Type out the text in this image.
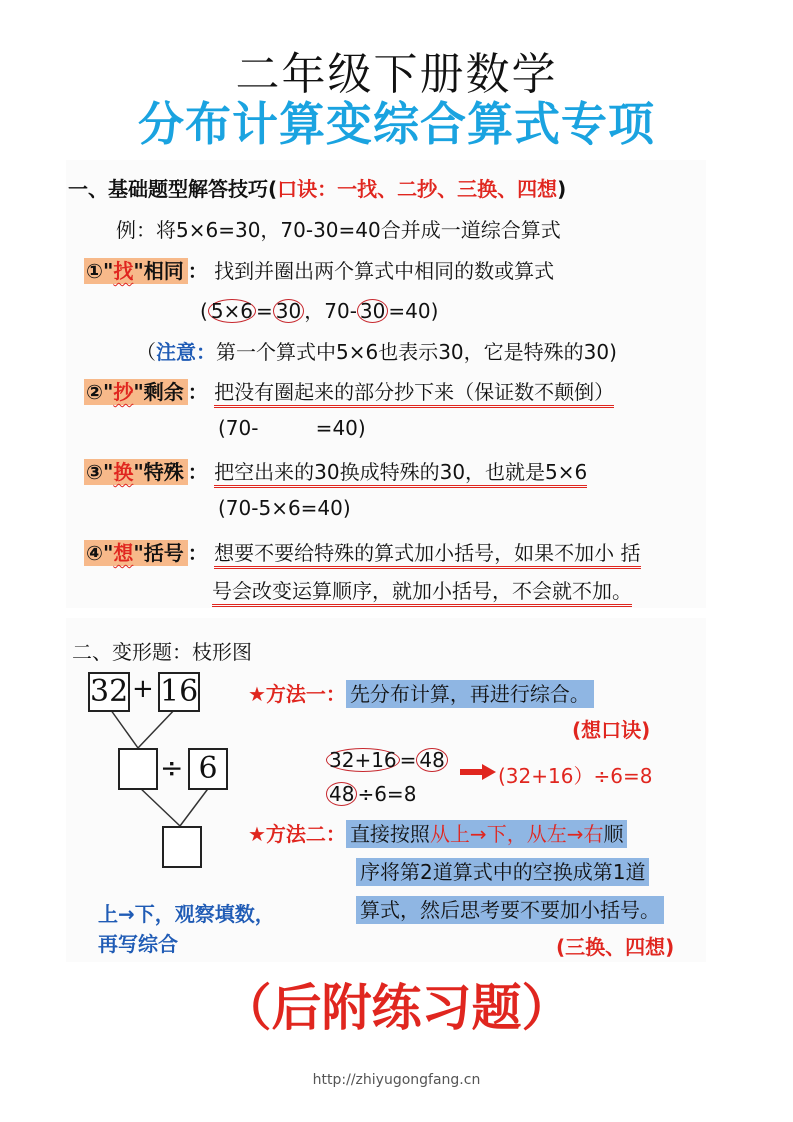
二年级下册数学
分布计算变综合算式专项
一、基础题型解答技巧(口诀：一找、二抄、三换、四想)
例：将5×6=30，70-30=40合并成一道综合算式
①"找"相同 ： 找到并圈出两个算式中相同的数或算式
( 5×6 = 30 ，70- 30 =40)
（注意：第一个算式中5×6也表示30，它是特殊的30)
②"抄"剩余 ： 把没有圈起来的部分抄下来（保证数不颠倒）
(70-         =40)
③"换"特殊 ： 把空出来的30换成特殊的30，也就是5×6
(70-5×6=40)
④"想"括号 ： 想要不要给特殊的算式加小括号，如果不加小 括
号会改变运算顺序，就加小括号，不会就不加。
二、变形题：枝形图
32 + 16
÷ 6
上→下，观察填数，
再写综合
★方法一： 先分布计算，再进行综合。
(想口诀)
32+16 = 48
48 ÷6=8
(32+16）÷6=8
★方法二： 直接按照从上→下，从左→右顺
序将第2道算式中的空换成第1道
算式，然后思考要不要加小括号。
(三换、四想)
（后附练习题）
http://zhiyugongfang.cn
